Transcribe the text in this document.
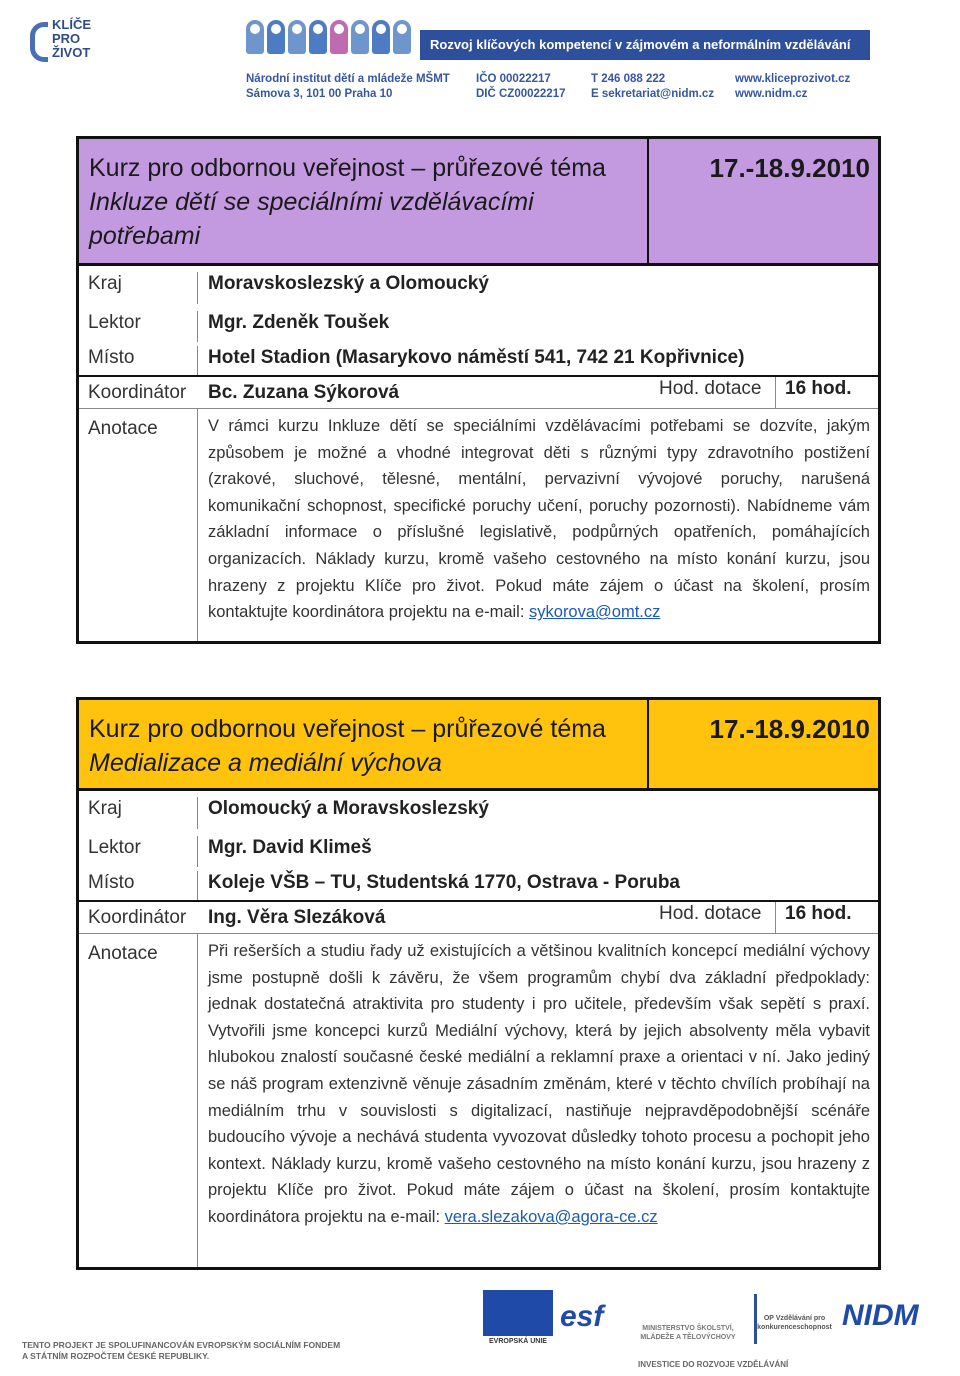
KLÍČE
PRO
ŽIVOT
Rozvoj klíčových kompetencí v zájmovém a neformálním vzdělávání
Národní institut dětí a mládeže MŠMT
Sámova 3, 101 00 Praha 10
IČO 00022217
DIČ CZ00022217
T 246 088 222
E sekretariat@nidm.cz
www.kliceprozivot.cz
www.nidm.cz
Kurz pro odbornou veřejnost – průřezové téma
Inkluze dětí se speciálními vzdělávacími potřebami
17.-18.9.2010
Kraj	Moravskoslezský a Olomoucký
Lektor	Mgr. Zdeněk Toušek
Místo	Hotel Stadion (Masarykovo náměstí 541, 742 21 Kopřivnice)
Koordinátor	Bc. Zuzana Sýkorová	Hod. dotace 16 hod.
Anotace	V rámci kurzu Inkluze dětí se speciálními vzdělávacími potřebami se dozvíte, jakým způsobem je možné a vhodné integrovat děti s různými typy zdravotního postižení (zrakové, sluchové, tělesné, mentální, pervazivní vývojové poruchy, narušená komunikační schopnost, specifické poruchy učení, poruchy pozornosti). Nabídneme vám základní informace o příslušné legislativě, podpůrných opatřeních, pomáhajících organizacích. Náklady kurzu, kromě vašeho cestovného na místo konání kurzu, jsou hrazeny z projektu Klíče pro život. Pokud máte zájem o účast na školení, prosím kontaktujte koordinátora projektu na e-mail: sykorova@omt.cz
Kurz pro odbornou veřejnost – průřezové téma
Medializace a mediální výchova
17.-18.9.2010
Kraj	Olomoucký a Moravskoslezský
Lektor	Mgr. David Klimeš
Místo	Koleje VŠB – TU, Studentská 1770, Ostrava - Poruba
Koordinátor	Ing. Věra Slezáková	Hod. dotace 16 hod.
Anotace	Při rešerších a studiu řady už existujících a většinou kvalitních koncepcí mediální výchovy jsme postupně došli k závěru, že všem programům chybí dva základní předpoklady: jednak dostatečná atraktivita pro studenty i pro učitele, především však sepětí s praxí. Vytvořili jsme koncepci kurzů Mediální výchovy, která by jejich absolventy měla vybavit hlubokou znalostí současné české mediální a reklamní praxe a orientaci v ní. Jako jediný se náš program extenzivně věnuje zásadním změnám, které v těchto chvílích probíhají na mediálním trhu v souvislosti s digitalizací, nastiňuje nejpravděpodobnější scénáře budoucího vývoje a nechává studenta vyvozovat důsledky tohoto procesu a pochopit jeho kontext. Náklady kurzu, kromě vašeho cestovného na místo konání kurzu, jsou hrazeny z projektu Klíče pro život. Pokud máte zájem o účast na školení, prosím kontaktujte koordinátora projektu na e-mail: vera.slezakova@agora-ce.cz
TENTO PROJEKT JE SPOLUFINANCOVÁN EVROPSKÝM SOCIÁLNÍM FONDEM
A STÁTNÍM ROZPOČTEM ČESKÉ REPUBLIKY.
EVROPSKÁ UNIE
esf	MINISTERSTVO ŠKOLSTVÍ, MLÁDEŽE A TĚLOVÝCHOVY
OP Vzdělávání pro konkurenceschopnost NIDM
INVESTICE DO ROZVOJE VZDĚLÁVÁNÍ
